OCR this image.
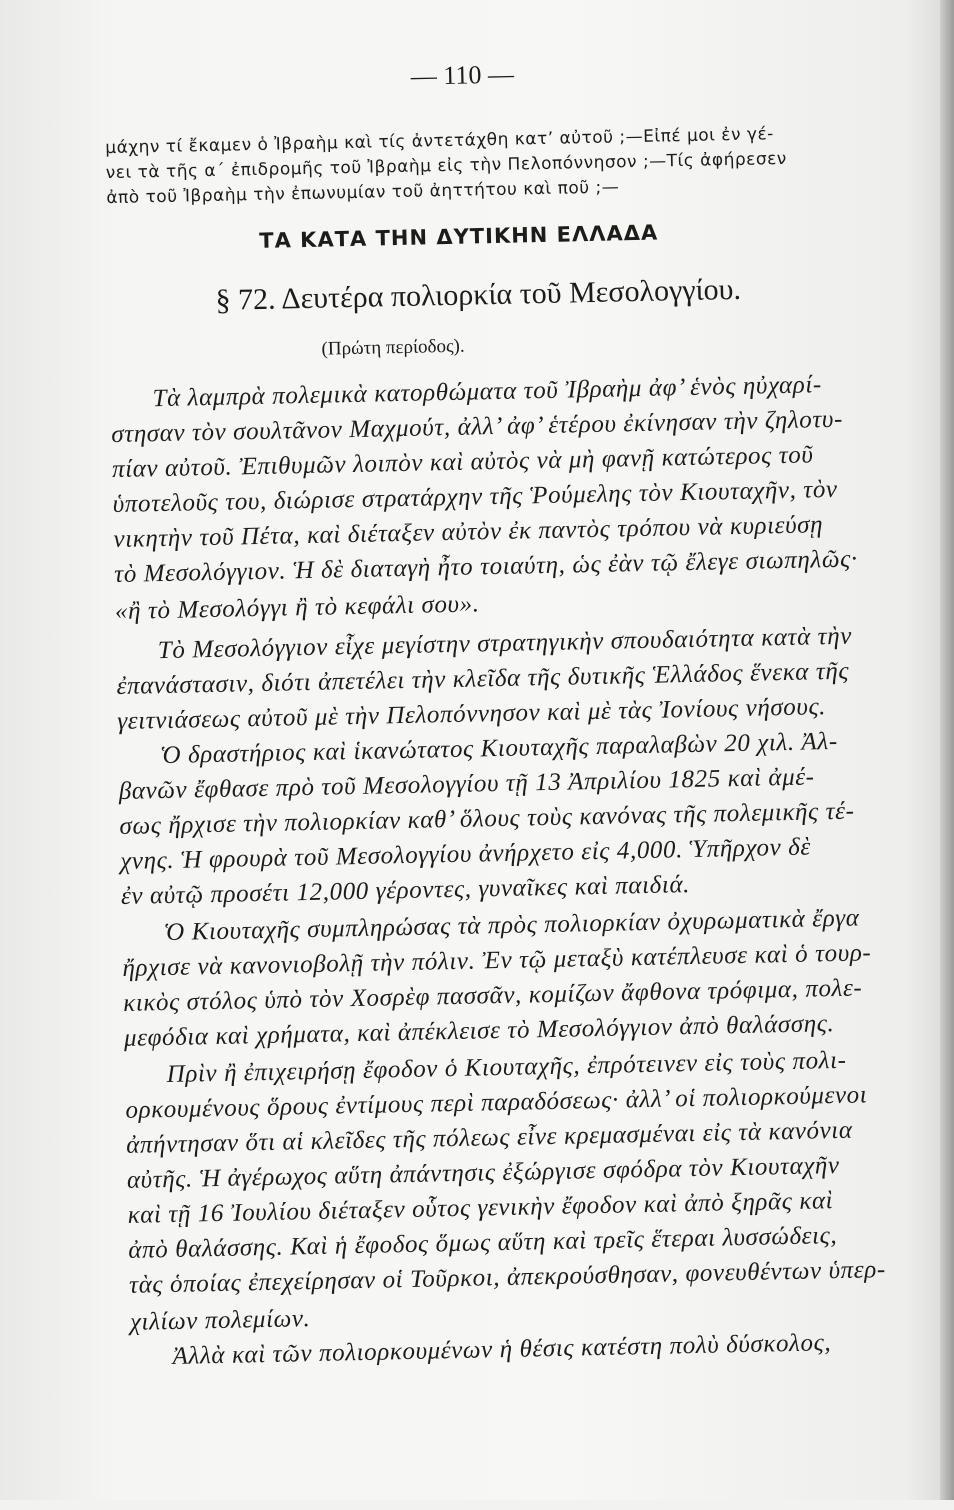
— 110 —
μάχην τί ἔκαμεν ὁ Ἰβραὴμ καὶ τίς ἀντετάχθη κατ’ αὐτοῦ ;—Εἰπέ μοι ἐν γέ-
νει τὰ τῆς α΄ ἐπιδρομῆς τοῦ Ἰβραὴμ εἰς τὴν Πελοπόννησον ;—Τίς ἀφήρεσεν
ἀπὸ τοῦ Ἰβραὴμ τὴν ἐπωνυμίαν τοῦ ἀηττήτου καὶ ποῦ ;—
ΤΑ ΚΑΤΑ ΤΗΝ ΔΥΤΙΚΗΝ ΕΛΛΑΔΑ
§ 72. Δευτέρα πολιορκία τοῦ Μεσολογγίου.
(Πρώτη περίοδος).
Τὰ λαμπρὰ πολεμικὰ κατορθώματα τοῦ Ἰβραὴμ ἀφ’ ἑνὸς ηὐχαρί-
στησαν τὸν σουλτᾶνον Μαχμούτ, ἀλλ’ ἀφ’ ἑτέρου ἐκίνησαν τὴν ζηλοτυ-
πίαν αὐτοῦ. Ἐπιθυμῶν λοιπὸν καὶ αὐτὸς νὰ μὴ φανῇ κατώτερος τοῦ
ὑποτελοῦς του, διώρισε στρατάρχην τῆς Ῥούμελης τὸν Κιουταχῆν, τὸν
νικητὴν τοῦ Πέτα, καὶ διέταξεν αὐτὸν ἐκ παντὸς τρόπου νὰ κυριεύσῃ
τὸ Μεσολόγγιον. Ἡ δὲ διαταγὴ ἦτο τοιαύτη, ὡς ἐὰν τῷ ἔλεγε σιωπηλῶς·
«ἢ τὸ Μεσολόγγι ἢ τὸ κεφάλι σου».
Τὸ Μεσολόγγιον εἶχε μεγίστην στρατηγικὴν σπουδαιότητα κατὰ τὴν
ἐπανάστασιν, διότι ἀπετέλει τὴν κλεῖδα τῆς δυτικῆς Ἑλλάδος ἕνεκα τῆς
γειτνιάσεως αὐτοῦ μὲ τὴν Πελοπόννησον καὶ μὲ τὰς Ἰονίους νήσους.
Ὁ δραστήριος καὶ ἱκανώτατος Κιουταχῆς παραλαβὼν 20 χιλ. Ἀλ-
βανῶν ἔφθασε πρὸ τοῦ Μεσολογγίου τῇ 13 Ἀπριλίου 1825 καὶ ἀμέ-
σως ἤρχισε τὴν πολιορκίαν καθ’ ὅλους τοὺς κανόνας τῆς πολεμικῆς τέ-
χνης. Ἡ φρουρὰ τοῦ Μεσολογγίου ἀνήρχετο εἰς 4,000. Ὑπῆρχον δὲ
ἐν αὐτῷ προσέτι 12,000 γέροντες, γυναῖκες καὶ παιδιά.
Ὁ Κιουταχῆς συμπληρώσας τὰ πρὸς πολιορκίαν ὀχυρωματικὰ ἔργα
ἤρχισε νὰ κανονιοβολῇ τὴν πόλιν. Ἐν τῷ μεταξὺ κατέπλευσε καὶ ὁ τουρ-
κικὸς στόλος ὑπὸ τὸν Χοσρὲφ πασσᾶν, κομίζων ἄφθονα τρόφιμα, πολε-
μεφόδια καὶ χρήματα, καὶ ἀπέκλεισε τὸ Μεσολόγγιον ἀπὸ θαλάσσης.
Πρὶν ἢ ἐπιχειρήσῃ ἔφοδον ὁ Κιουταχῆς, ἐπρότεινεν εἰς τοὺς πολι-
ορκουμένους ὅρους ἐντίμους περὶ παραδόσεως· ἀλλ’ οἱ πολιορκούμενοι
ἀπήντησαν ὅτι αἱ κλεῖδες τῆς πόλεως εἶνε κρεμασμέναι εἰς τὰ κανόνια
αὐτῆς. Ἡ ἀγέρωχος αὕτη ἀπάντησις ἐξώργισε σφόδρα τὸν Κιουταχῆν
καὶ τῇ 16 Ἰουλίου διέταξεν οὗτος γενικὴν ἔφοδον καὶ ἀπὸ ξηρᾶς καὶ
ἀπὸ θαλάσσης. Καὶ ἡ ἔφοδος ὅμως αὕτη καὶ τρεῖς ἕτεραι λυσσώδεις,
τὰς ὁποίας ἐπεχείρησαν οἱ Τοῦρκοι, ἀπεκρούσθησαν, φονευθέντων ὑπερ-
χιλίων πολεμίων.
Ἀλλὰ καὶ τῶν πολιορκουμένων ἡ θέσις κατέστη πολὺ δύσκολος,
